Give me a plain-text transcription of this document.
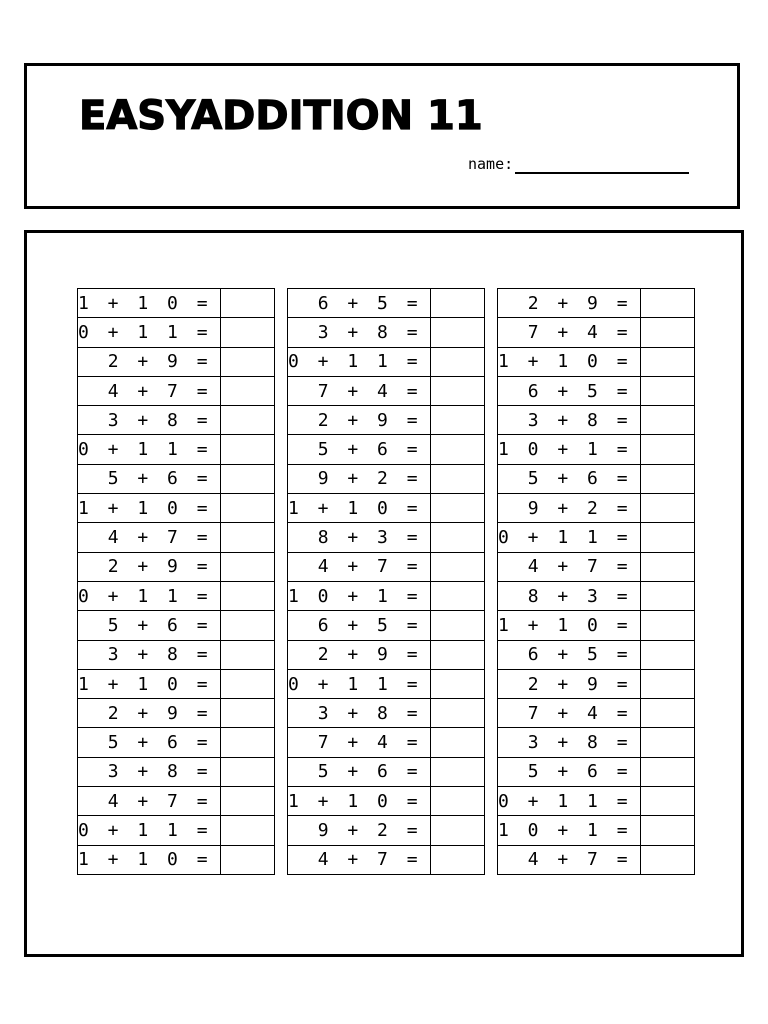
EASYADDITION 11
name:
1 + 1 0 =	
0 + 1 1 =	
2 + 9 =	
4 + 7 =	
3 + 8 =	
0 + 1 1 =	
5 + 6 =	
1 + 1 0 =	
4 + 7 =	
2 + 9 =	
0 + 1 1 =	
5 + 6 =	
3 + 8 =	
1 + 1 0 =	
2 + 9 =	
5 + 6 =	
3 + 8 =	
4 + 7 =	
0 + 1 1 =	
1 + 1 0 =	
6 + 5 =	
3 + 8 =	
0 + 1 1 =	
7 + 4 =	
2 + 9 =	
5 + 6 =	
9 + 2 =	
1 + 1 0 =	
8 + 3 =	
4 + 7 =	
1 0 + 1 =	
6 + 5 =	
2 + 9 =	
0 + 1 1 =	
3 + 8 =	
7 + 4 =	
5 + 6 =	
1 + 1 0 =	
9 + 2 =	
4 + 7 =	
2 + 9 =	
7 + 4 =	
1 + 1 0 =	
6 + 5 =	
3 + 8 =	
1 0 + 1 =	
5 + 6 =	
9 + 2 =	
0 + 1 1 =	
4 + 7 =	
8 + 3 =	
1 + 1 0 =	
6 + 5 =	
2 + 9 =	
7 + 4 =	
3 + 8 =	
5 + 6 =	
0 + 1 1 =	
1 0 + 1 =	
4 + 7 =	
